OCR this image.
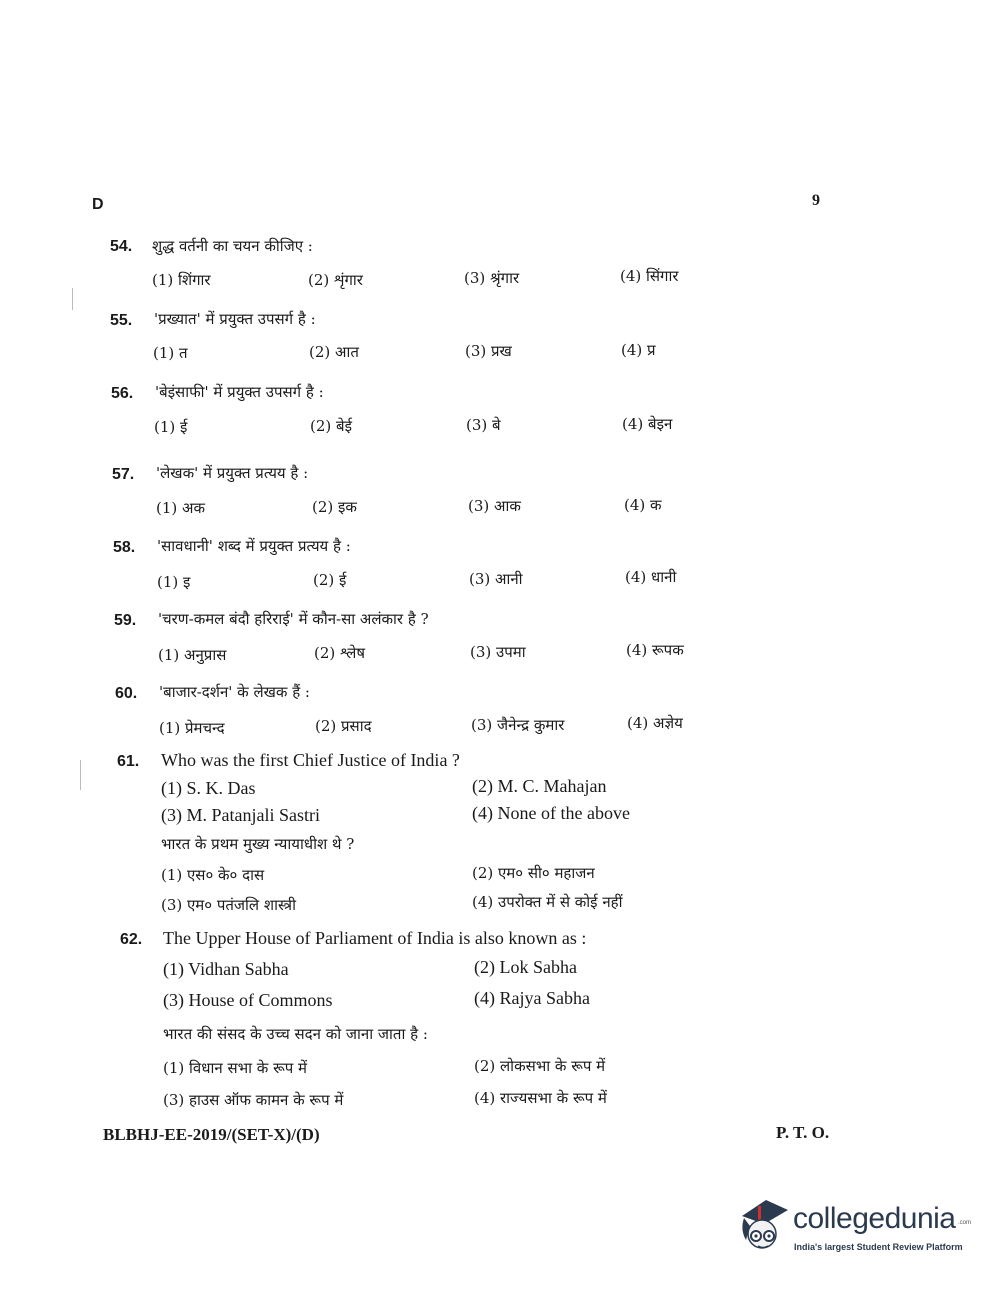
D	9
54. शुद्ध वर्तनी का चयन कीजिए :
(1) शिंगार	(2) शृंगार	(3) श्रृंगार	(4) सिंगार
55. 'प्रख्यात' में प्रयुक्त उपसर्ग है :
(1) त	(2) आत	(3) प्रख	(4) प्र
56. 'बेइंसाफी' में प्रयुक्त उपसर्ग है :
(1) ई	(2) बेई	(3) बे	(4) बेइन
57. 'लेखक' में प्रयुक्त प्रत्यय है :
(1) अक	(2) इक	(3) आक	(4) क
58. 'सावधानी' शब्द में प्रयुक्त प्रत्यय है :
(1) इ	(2) ई	(3) आनी	(4) धानी
59. 'चरण-कमल बंदौ हरिराई' में कौन-सा अलंकार है ?
(1) अनुप्रास	(2) श्लेष	(3) उपमा	(4) रूपक
60. 'बाजार-दर्शन' के लेखक हैं :
(1) प्रेमचन्द	(2) प्रसाद	(3) जैनेन्द्र कुमार	(4) अज्ञेय
61. Who was the first Chief Justice of India ?
(1) S. K. Das	(2) M. C. Mahajan
(3) M. Patanjali Sastri	(4) None of the above
भारत के प्रथम मुख्य न्यायाधीश थे ?
(1) एस० के० दास	(2) एम० सी० महाजन
(3) एम० पतंजलि शास्त्री	(4) उपरोक्त में से कोई नहीं
62. The Upper House of Parliament of India is also known as :
(1) Vidhan Sabha	(2) Lok Sabha
(3) House of Commons	(4) Rajya Sabha
भारत की संसद के उच्च सदन को जाना जाता है :
(1) विधान सभा के रूप में	(2) लोकसभा के रूप में
(3) हाउस ऑफ कामन के रूप में	(4) राज्यसभा के रूप में
BLBHJ-EE-2019/(SET-X)/(D)	P. T. O.
collegedunia .com
India's largest Student Review Platform
